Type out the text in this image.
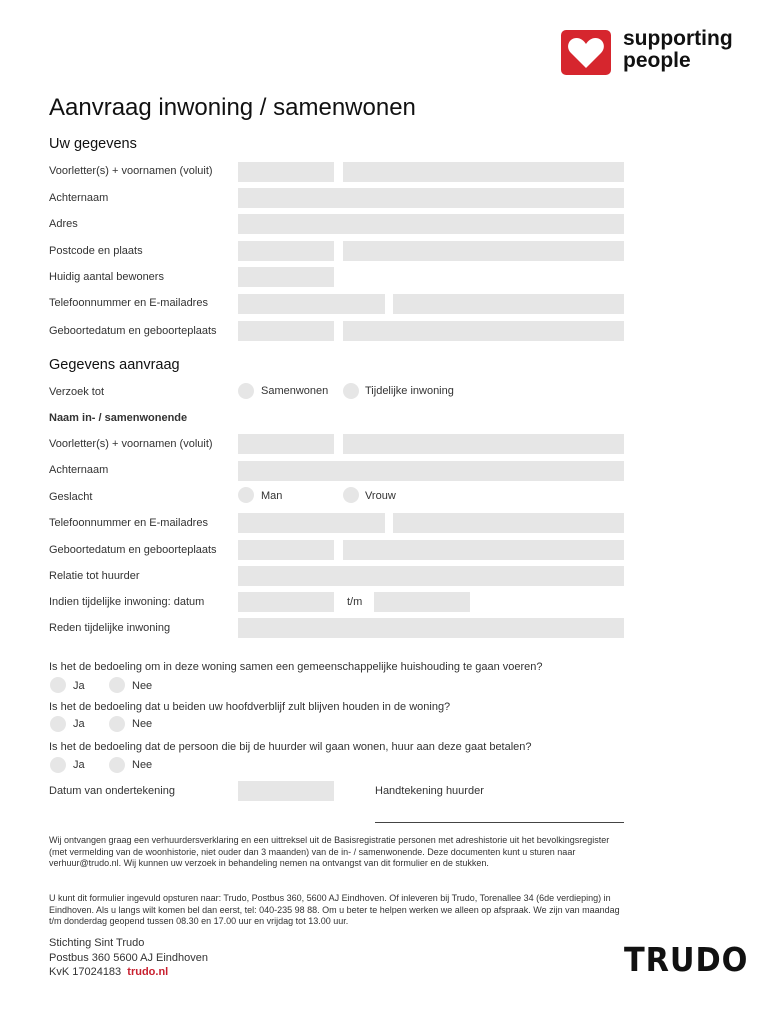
supporting
people
Aanvraag inwoning / samenwonen
Uw gegevens
Voorletter(s) + voornamen (voluit)
Achternaam
Adres
Postcode en plaats
Huidig aantal bewoners
Telefoonnummer en E-mailadres
Geboortedatum en geboorteplaats
Gegevens aanvraag
Verzoek tot	Samenwonen	Tijdelijke inwoning
Naam in- / samenwonende
Voorletter(s) + voornamen (voluit)
Achternaam
Geslacht	Man	Vrouw
Telefoonnummer en E-mailadres
Geboortedatum en geboorteplaats
Relatie tot huurder
Indien tijdelijke inwoning: datum	t/m
Reden tijdelijke inwoning
Is het de bedoeling om in deze woning samen een gemeenschappelijke huishouding te gaan voeren?
Ja	Nee
Is het de bedoeling dat u beiden uw hoofdverblijf zult blijven houden in de woning?
Ja	Nee
Is het de bedoeling dat de persoon die bij de huurder wil gaan wonen, huur aan deze gaat betalen?
Ja	Nee
Datum van ondertekening	Handtekening huurder
Wij ontvangen graag een verhuurdersverklaring en een uittreksel uit de Basisregistratie personen met adreshistorie uit het bevolkingsregister (met vermelding van de woonhistorie, niet ouder dan 3 maanden) van de in- / samenwonende. Deze documenten kunt u sturen naar verhuur@trudo.nl. Wij kunnen uw verzoek in behandeling nemen na ontvangst van dit formulier en de stukken.
U kunt dit formulier ingevuld opsturen naar: Trudo, Postbus 360, 5600 AJ Eindhoven. Of inleveren bij Trudo, Torenallee 34 (6de verdieping) in Eindhoven. Als u langs wilt komen bel dan eerst, tel: 040-235 98 88. Om u beter te helpen werken we alleen op afspraak. We zijn van maandag t/m donderdag geopend tussen 08.30 en 17.00 uur en vrijdag tot 13.00 uur.
Stichting Sint Trudo
Postbus 360 5600 AJ Eindhoven
KvK 17024183 trudo.nl	TRUDO
